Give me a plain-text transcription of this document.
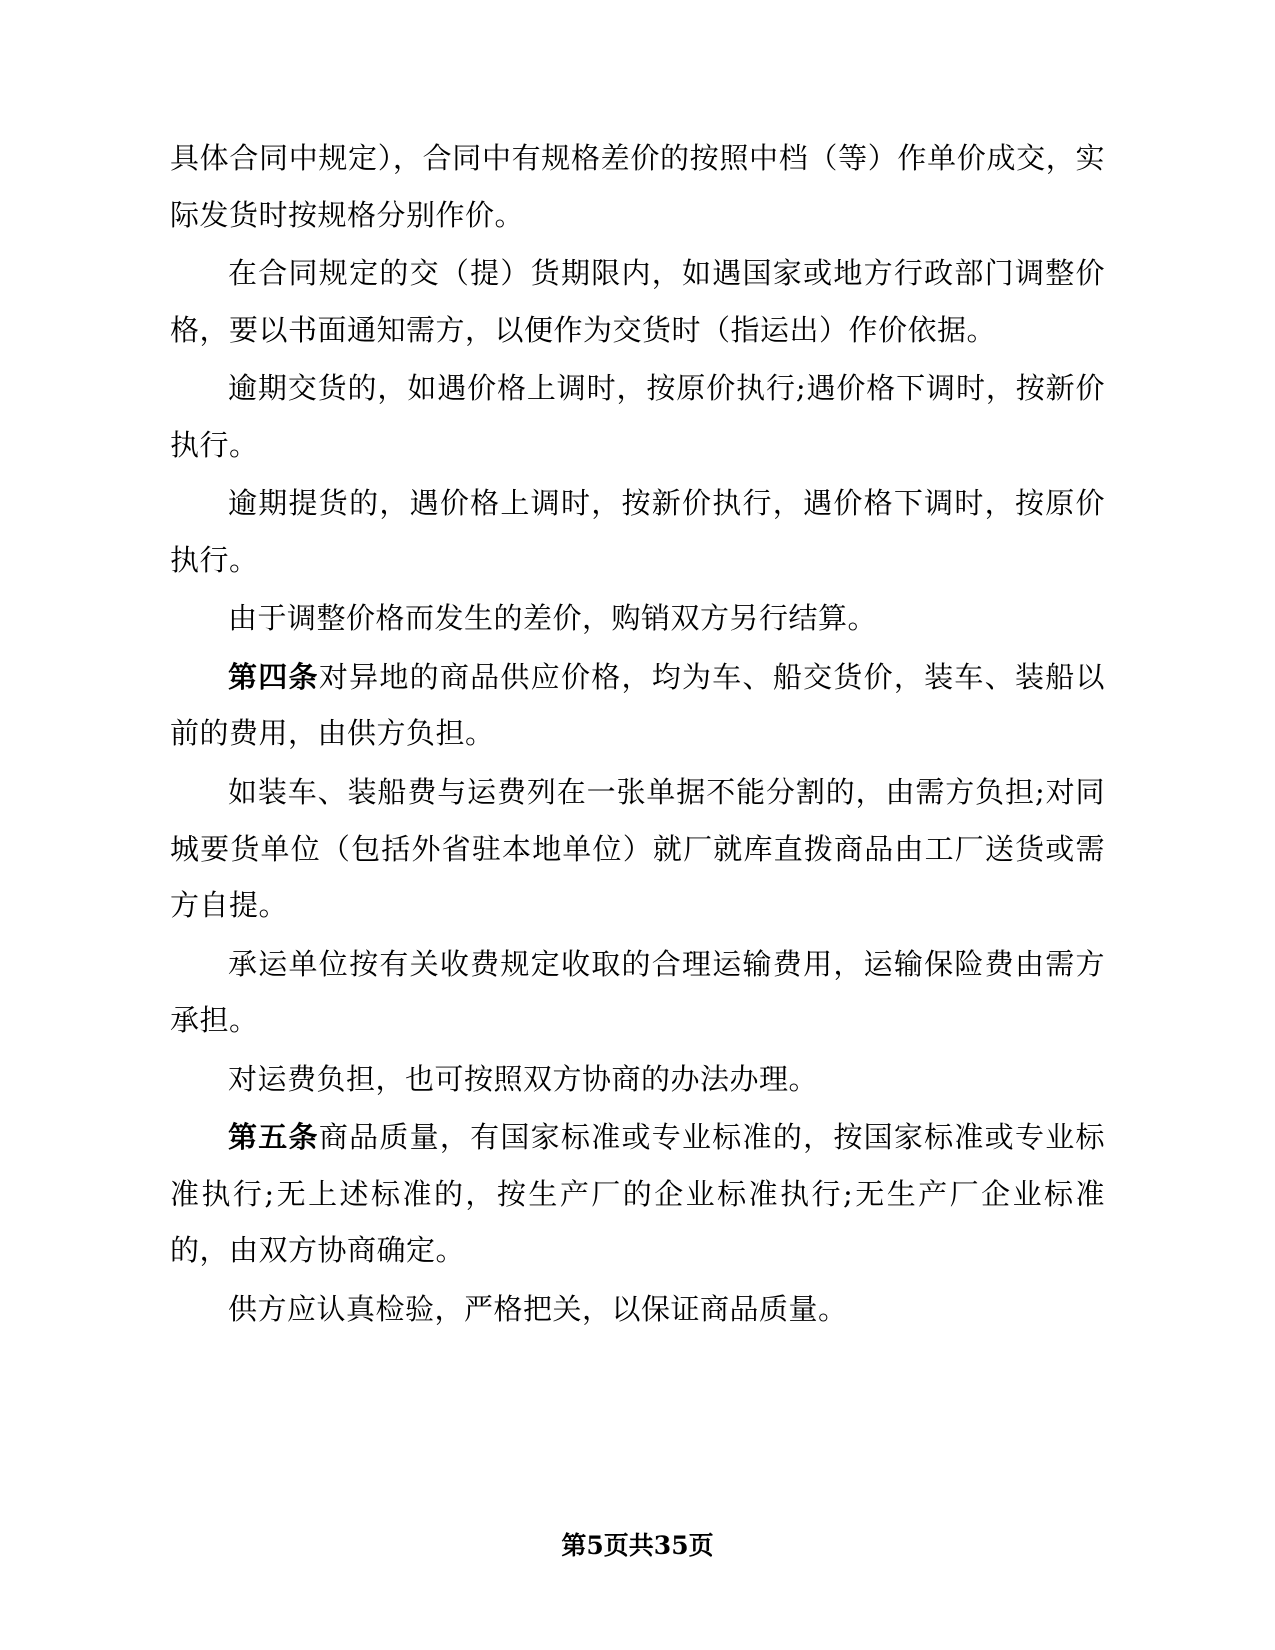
具体合同中规定），合同中有规格差价的按照中档（等）作单价成交，实际发货时按规格分别作价。

在合同规定的交（提）货期限内，如遇国家或地方行政部门调整价格，要以书面通知需方，以便作为交货时（指运出）作价依据。

逾期交货的，如遇价格上调时，按原价执行;遇价格下调时，按新价执行。

逾期提货的，遇价格上调时，按新价执行，遇价格下调时，按原价执行。

由于调整价格而发生的差价，购销双方另行结算。

第四条对异地的商品供应价格，均为车、船交货价，装车、装船以前的费用，由供方负担。

如装车、装船费与运费列在一张单据不能分割的，由需方负担;对同城要货单位（包括外省驻本地单位）就厂就库直拨商品由工厂送货或需方自提。

承运单位按有关收费规定收取的合理运输费用，运输保险费由需方承担。

对运费负担，也可按照双方协商的办法办理。

第五条商品质量，有国家标准或专业标准的，按国家标准或专业标准执行;无上述标准的，按生产厂的企业标准执行;无生产厂企业标准的，由双方协商确定。

供方应认真检验，严格把关，以保证商品质量。

第5页共35页
